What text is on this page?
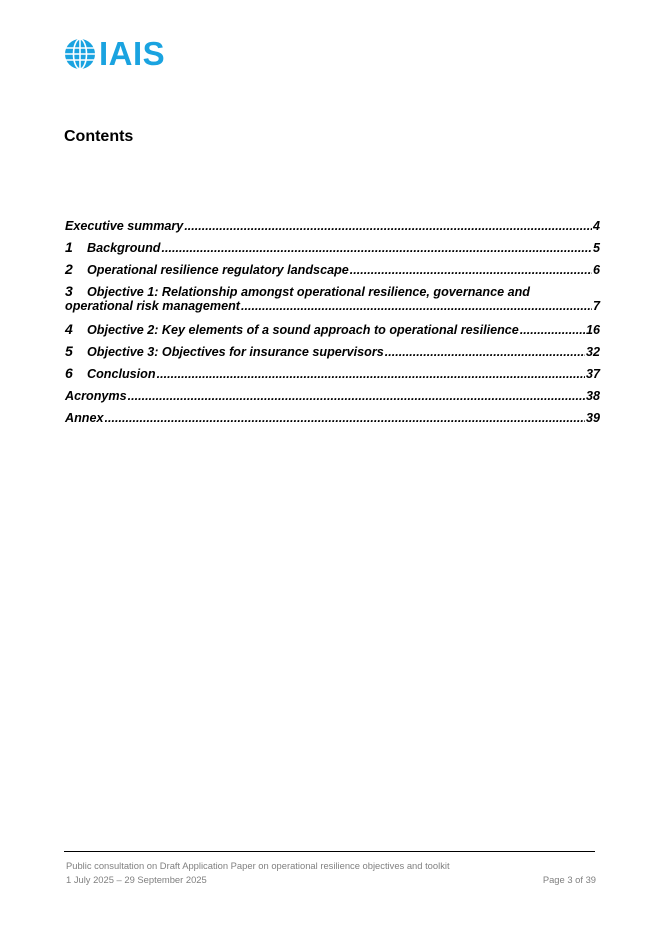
IAIS
Contents
Executive summary .....	4
1	Background .....	5
2	Operational resilience regulatory landscape .....	6
3	Objective 1: Relationship amongst operational resilience, governance and
operational risk management .....	7
4	Objective 2: Key elements of a sound approach to operational resilience .....	16
5	Objective 3: Objectives for insurance supervisors .....	32
6	Conclusion .....	37
Acronyms .....	38
Annex .....	39
Public consultation on Draft Application Paper on operational resilience objectives and toolkit
1 July 2025 – 29 September 2025	Page 3 of 39
